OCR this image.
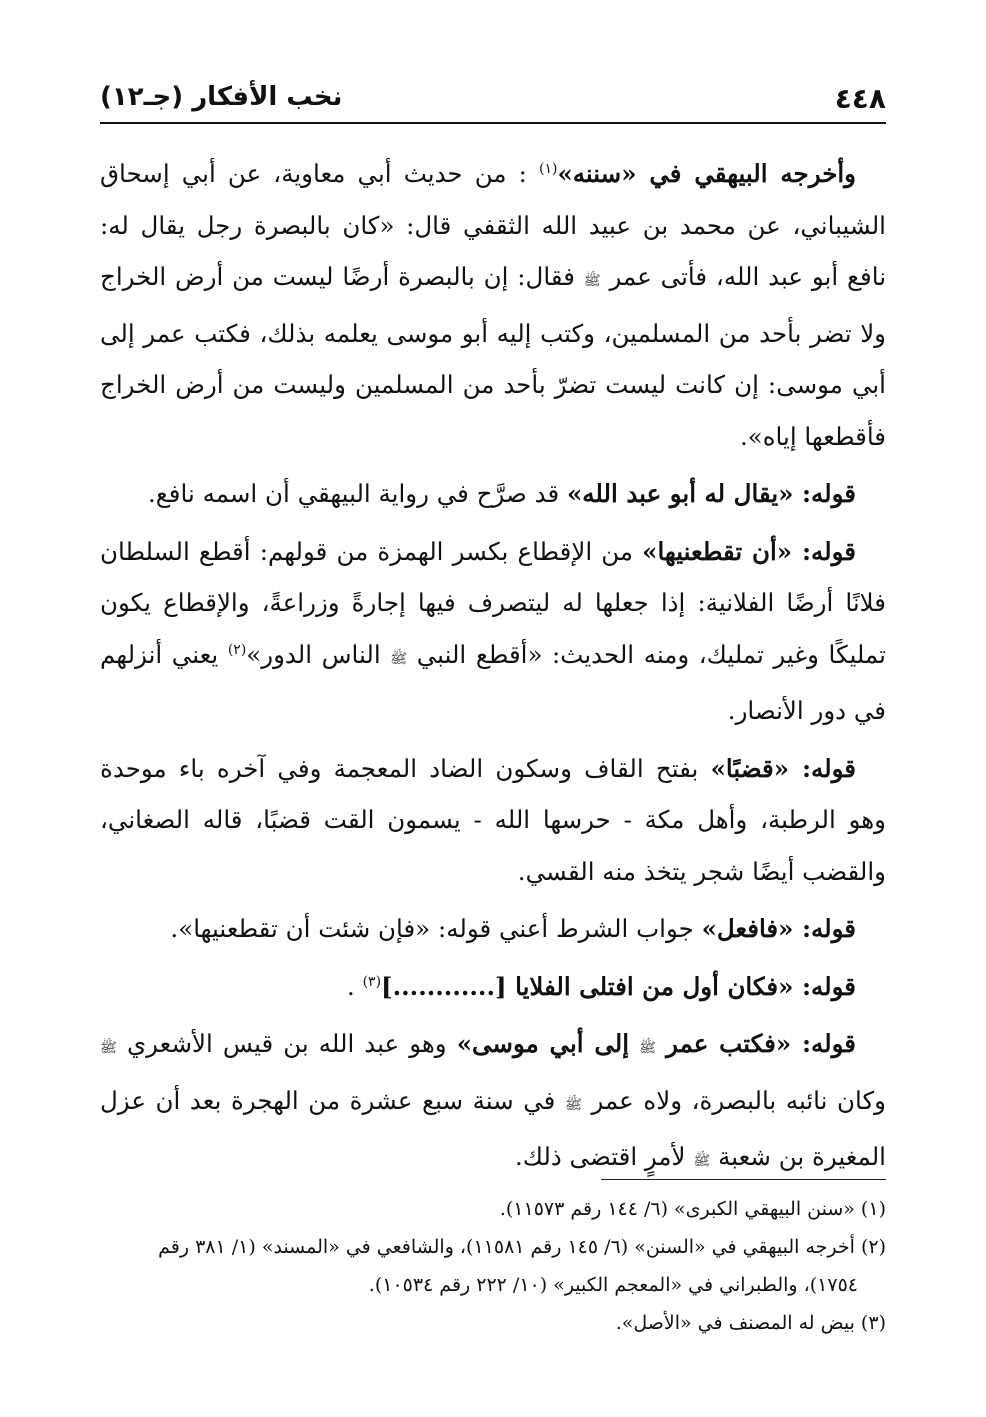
٤٤٨
نخب الأفكار (جـ١٢)

وأخرجه البيهقي في «سننه»$^{(١)}$ : من حديث أبي معاوية، عن أبي إسحاق الشيباني، عن محمد بن عبيد الله الثقفي قال: «كان بالبصرة رجل يقال له: نافع أبو عبد الله، فأتى عمر ﷺ فقال: إن بالبصرة أرضًا ليست من أرض الخراج ولا تضر بأحد من المسلمين، وكتب إليه أبو موسى يعلمه بذلك، فكتب عمر إلى أبي موسى: إن كانت ليست تضرّ بأحد من المسلمين وليست من أرض الخراج فأقطعها إياه».

قوله: «يقال له أبو عبد الله» قد صرَّح في رواية البيهقي أن اسمه نافع.

قوله: «أن تقطعنيها» من الإقطاع بكسر الهمزة من قولهم: أقطع السلطان فلانًا أرضًا الفلانية: إذا جعلها له ليتصرف فيها إجارةً وزراعةً، والإقطاع يكون تمليكًا وغير تمليك، ومنه الحديث: «أقطع النبي ﷺ الناس الدور»$^{(٢)}$ يعني أنزلهم في دور الأنصار.

قوله: «قضبًا» بفتح القاف وسكون الضاد المعجمة وفي آخره باء موحدة وهو الرطبة، وأهل مكة - حرسها الله - يسمون القت قضبًا، قاله الصغاني، والقضب أيضًا شجر يتخذ منه القسي.

قوله: «فافعل» جواب الشرط أعني قوله: «فإن شئت أن تقطعنيها».

قوله: «فكان أول من افتلى الفلايا [............]$^{(٣)}$ .

قوله: «فكتب عمر ﷺ إلى أبي موسى» وهو عبد الله بن قيس الأشعري ﷺ وكان نائبه بالبصرة، ولاه عمر ﷺ في سنة سبع عشرة من الهجرة بعد أن عزل المغيرة بن شعبة ﷺ لأمرٍ اقتضى ذلك.

(١) «سنن البيهقي الكبرى» (٦/ ١٤٤ رقم ١١٥٧٣).

(٢) أخرجه البيهقي في «السنن» (٦/ ١٤٥ رقم ١١٥٨١)، والشافعي في «المسند» (١/ ٣٨١ رقم

١٧٥٤)، والطبراني في «المعجم الكبير» (١٠/ ٢٢٢ رقم ١٠٥٣٤).

(٣) بيض له المصنف في «الأصل».
